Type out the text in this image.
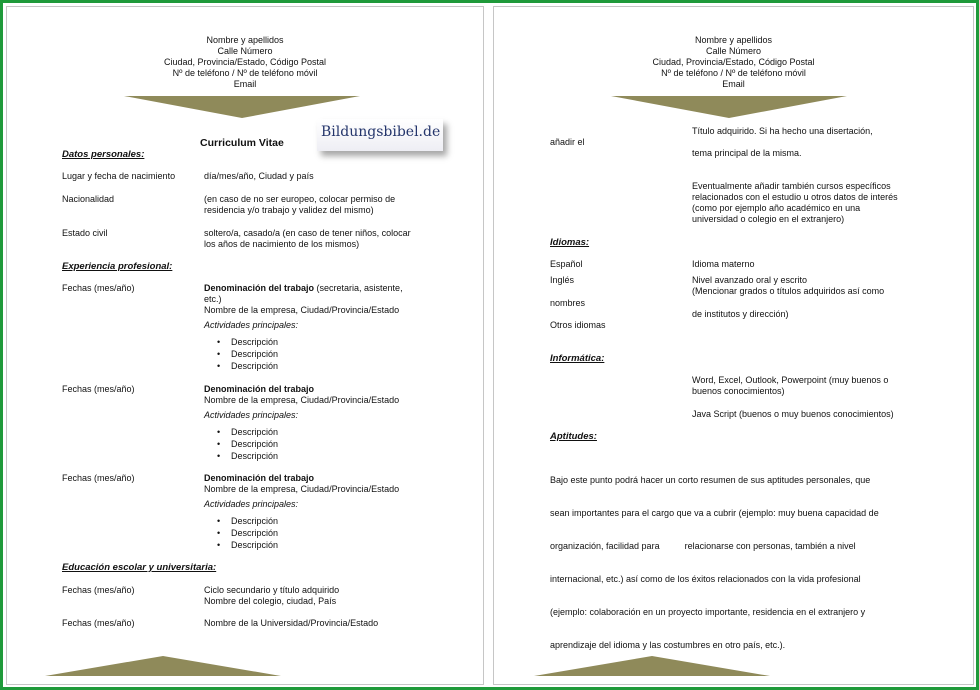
Nombre y apellidos
Calle Número
Ciudad, Provincia/Estado, Código Postal
Nº de teléfono / Nº de teléfono móvil
Email
Curriculum Vitae
Bildungsbibel.de
Datos personales:
Lugar y fecha de nacimiento	día/mes/año, Ciudad y país
Nacionalidad	(en caso de no ser europeo, colocar permiso de
residencia y/o trabajo y validez del mismo)
Estado civil	soltero/a, casado/a (en caso de tener niños, colocar
los años de nacimiento de los mismos)
Experiencia profesional:
Fechas (mes/año)	Denominación del trabajo (secretaria, asistente,
etc.)
Nombre de la empresa, Ciudad/Provincia/Estado
Actividades principales:
• Descripción
• Descripción
• Descripción
Fechas (mes/año)	Denominación del trabajo
Nombre de la empresa, Ciudad/Provincia/Estado
Actividades principales:
• Descripción
• Descripción
• Descripción
Fechas (mes/año)	Denominación del trabajo
Nombre de la empresa, Ciudad/Provincia/Estado
Actividades principales:
• Descripción
• Descripción
• Descripción
Educación escolar y universitaria:
Fechas (mes/año)	Ciclo secundario y título adquirido
Nombre del colegio, ciudad, País
Fechas (mes/año)	Nombre de la Universidad/Provincia/Estado
Nombre y apellidos
Calle Número
Ciudad, Provincia/Estado, Código Postal
Nº de teléfono / Nº de teléfono móvil
Email
Título adquirido. Si ha hecho una disertación,
añadir el
tema principal de la misma.
Eventualmente añadir también cursos específicos
relacionados con el estudio u otros datos de interés
(como por ejemplo año académico en una
universidad o colegio en el extranjero)
Idiomas:
Español	Idioma materno
Inglés	Nivel avanzado oral y escrito
(Mencionar grados o títulos adquiridos así como
nombres
de institutos y dirección)
Otros idiomas
Informática:
Word, Excel, Outlook, Powerpoint (muy buenos o
buenos conocimientos)
Java Script (buenos o muy buenos conocimientos)
Aptitudes:

Bajo este punto podrá hacer un corto resumen de sus aptitudes personales, que

sean importantes para el cargo que va a cubrir (ejemplo: muy buena capacidad de

organización, facilidad para          relacionarse con personas, también a nivel

internacional, etc.) así como de los éxitos relacionados con la vida profesional

(ejemplo: colaboración en un proyecto importante, residencia en el extranjero y

aprendizaje del idioma y las costumbres en otro país, etc.).
